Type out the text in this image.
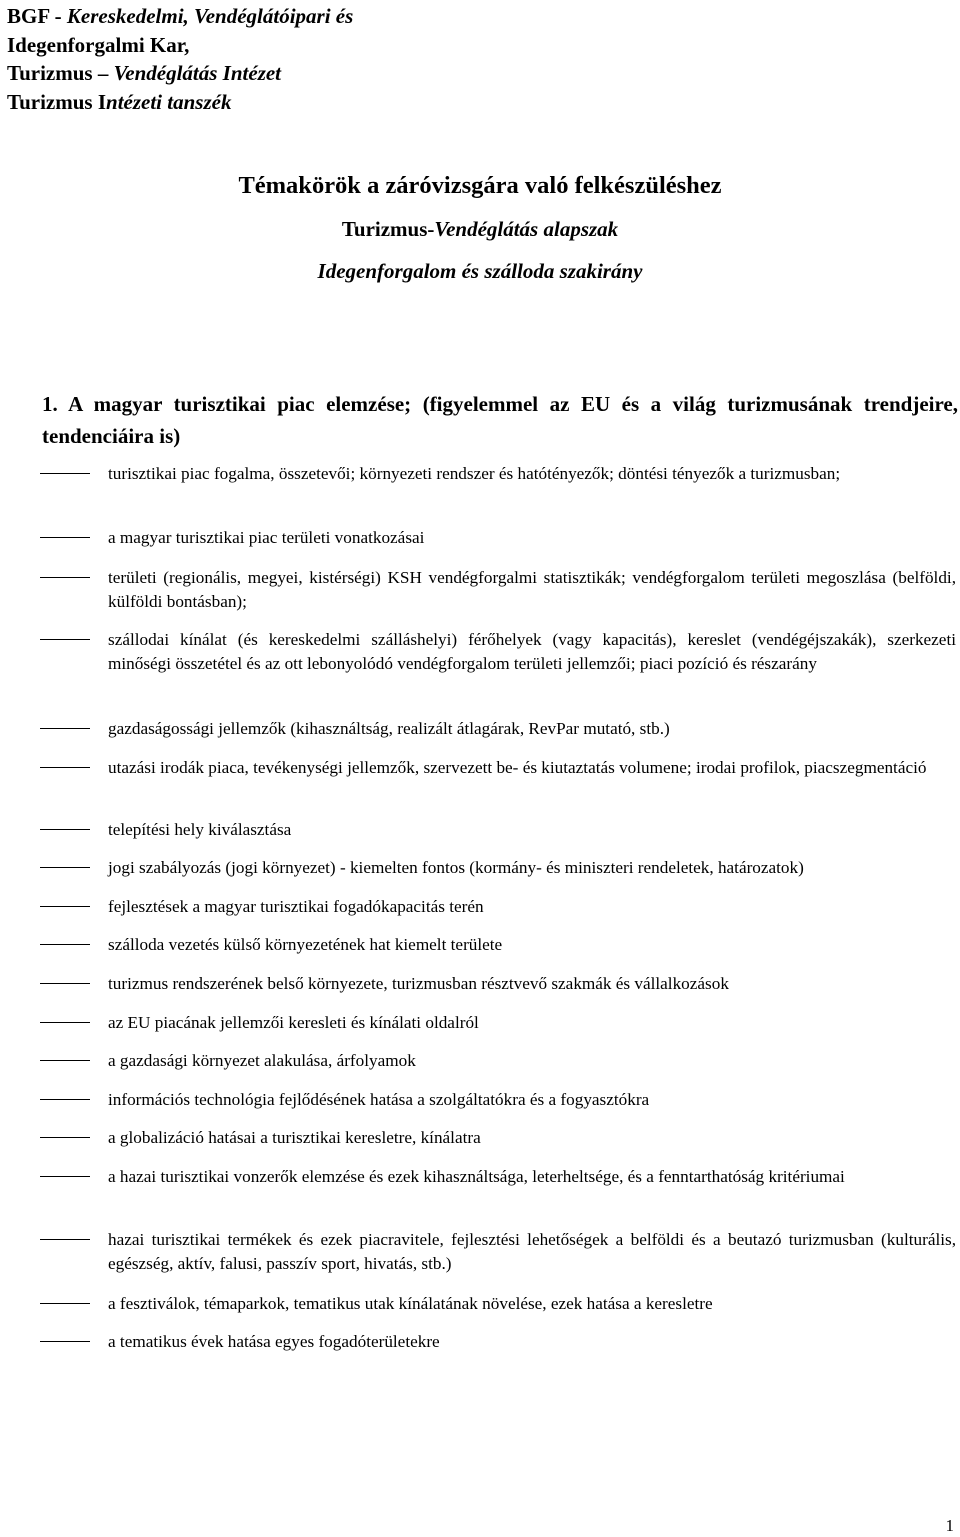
BGF - Kereskedelmi, Vendéglátóipari és
Idegenforgalmi Kar,
Turizmus – Vendéglátás Intézet
Turizmus Intézeti tanszék
Témakörök a záróvizsgára való felkészüléshez
Turizmus-Vendéglátás alapszak
Idegenforgalom és szálloda szakirány
1. A magyar turisztikai piac elemzése; (figyelemmel az EU és a világ turizmusának trendjeire, tendenciáira is)
turisztikai piac fogalma, összetevői; környezeti rendszer és hatótényezők; döntési tényezők a turizmusban;
a magyar turisztikai piac területi vonatkozásai
területi (regionális, megyei, kistérségi) KSH vendégforgalmi statisztikák; vendégforgalom területi megoszlása (belföldi, külföldi bontásban);
szállodai kínálat (és kereskedelmi szálláshelyi) férőhelyek (vagy kapacitás), kereslet (vendégéjszakák), szerkezeti minőségi összetétel és az ott lebonyolódó vendégforgalom területi jellemzői; piaci pozíció és részarány
gazdaságossági jellemzők (kihasználtság, realizált átlagárak, RevPar mutató, stb.)
utazási irodák piaca, tevékenységi jellemzők, szervezett be- és kiutaztatás volumene; irodai profilok, piacszegmentáció
telepítési hely kiválasztása
jogi szabályozás (jogi környezet) - kiemelten fontos (kormány- és miniszteri rendeletek, határozatok)
fejlesztések a magyar turisztikai fogadókapacitás terén
szálloda vezetés külső környezetének hat kiemelt területe
turizmus rendszerének belső környezete, turizmusban résztvevő szakmák és vállalkozások
az EU piacának jellemzői keresleti és kínálati oldalról
a gazdasági környezet alakulása, árfolyamok
információs technológia fejlődésének hatása a szolgáltatókra és a fogyasztókra
a globalizáció hatásai a turisztikai keresletre, kínálatra
a hazai turisztikai vonzerők elemzése és ezek kihasználtsága, leterheltsége, és a fenntarthatóság kritériumai
hazai turisztikai termékek és ezek piacravitele, fejlesztési lehetőségek a belföldi és a beutazó turizmusban (kulturális, egészség, aktív, falusi, passzív sport, hivatás, stb.)
a fesztiválok, témaparkok, tematikus utak kínálatának növelése, ezek hatása a keresletre
a tematikus évek hatása egyes fogadóterületekre
1
